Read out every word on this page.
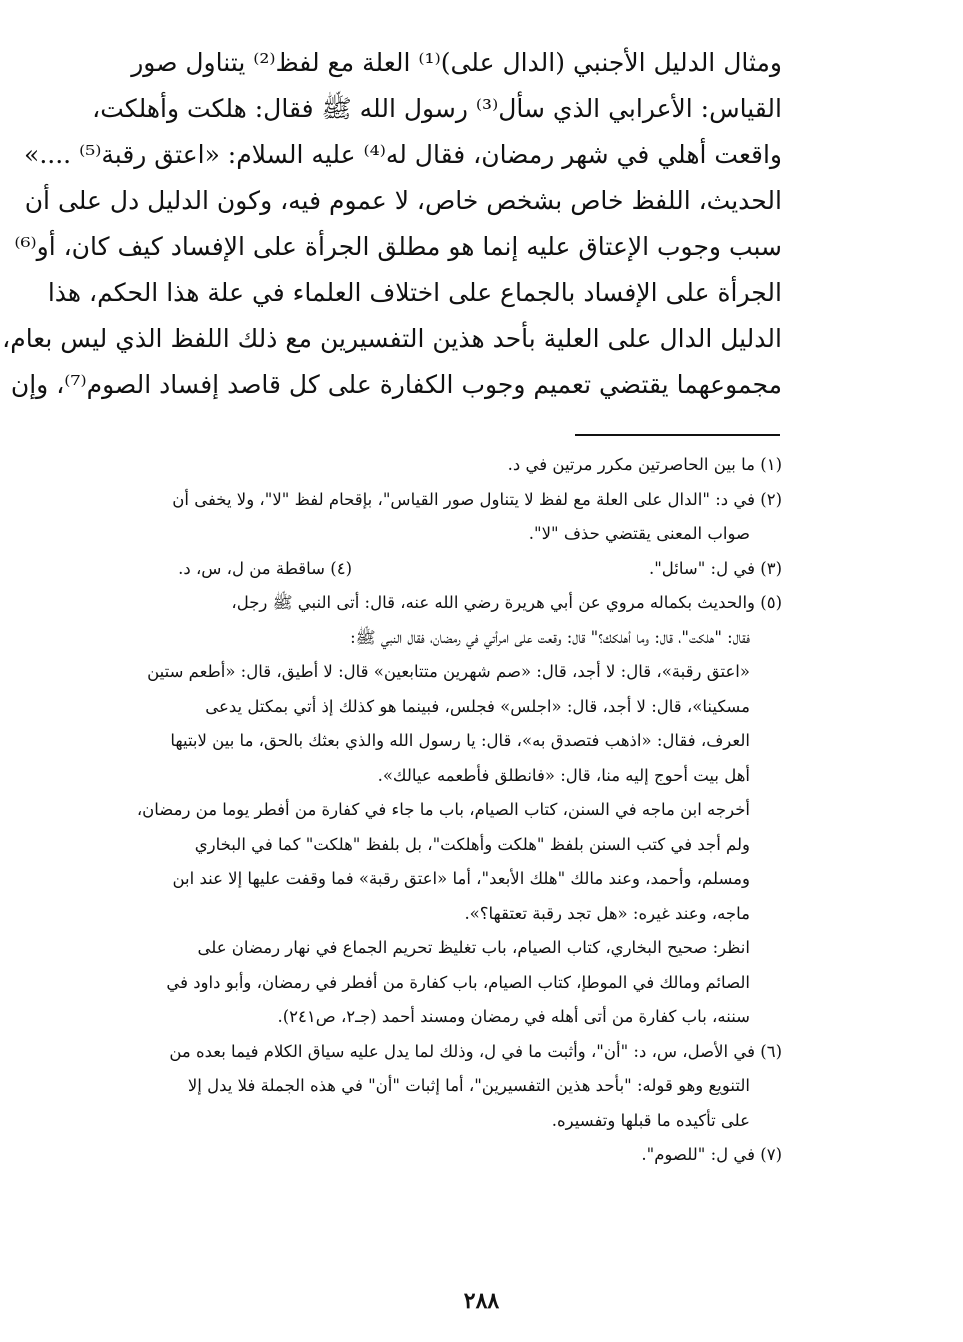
ومثال الدليل الأجنبي (الدال على)⁽¹⁾ العلة مع لفظ⁽²⁾ يتناول صور
القياس: الأعرابي الذي سأل⁽³⁾ رسول الله ﷺ فقال: هلكت وأهلكت،
واقعت أهلي في شهر رمضان، فقال له⁽⁴⁾ عليه السلام: «اعتق رقبة⁽⁵⁾ ....»
الحديث، اللفظ خاص بشخص خاص، لا عموم فيه، وكون الدليل دل على أن
سبب وجوب الإعتاق عليه إنما هو مطلق الجرأة على الإفساد كيف كان، أو⁽⁶⁾
الجرأة على الإفساد بالجماع على اختلاف العلماء في علة هذا الحكم، هذا
الدليل الدال على العلية بأحد هذين التفسيرين مع ذلك اللفظ الذي ليس بعام،
مجموعهما يقتضي تعميم وجوب الكفارة على كل قاصد إفساد الصوم⁽⁷⁾، وإن
(١) ما بين الحاصرتين مكرر مرتين في د.
(٢) في د: "الدال على العلة مع لفظ لا يتناول صور القياس"، بإقحام لفظ "لا"، ولا يخفى أن
صواب المعنى يقتضي حذف "لا".
(٣) في ل: "سائل".
(٤) ساقطة من ل، س، د.
(٥) والحديث بكماله مروي عن أبي هريرة رضي الله عنه، قال: أتى النبي ﷺ رجل،
فقال: "هلكت"، قال: وما أهلكك؟" قال: وقعت على امرأتي في رمضان، فقال النبي ﷺ:
«اعتق رقبة»، قال: لا أجد، قال: «صم شهرين متتابعين» قال: لا أطيق، قال: «أطعم ستين
مسكينا»، قال: لا أجد، قال: «اجلس» فجلس، فبينما هو كذلك إذ أتي بمكتل يدعى
العرف، فقال: «اذهب فتصدق به»، قال: يا رسول الله والذي بعثك بالحق، ما بين لابتيها
أهل بيت أحوج إليه منا، قال: «فانطلق فأطعمه عيالك».
أخرجه ابن ماجه في السنن، كتاب الصيام، باب ما جاء في كفارة من أفطر يوما من رمضان،
ولم أجد في كتب السنن بلفظ "هلكت وأهلكت"، بل بلفظ "هلكت" كما في البخاري
ومسلم، وأحمد، وعند مالك "هلك الأبعد"، أما «اعتق رقبة» فما وقفت عليها إلا عند ابن
ماجه، وعند غيره: «هل تجد رقبة تعتقها؟».
انظر: صحيح البخاري، كتاب الصيام، باب تغليظ تحريم الجماع في نهار رمضان على
الصائم ومالك في الموطإ، كتاب الصيام، باب كفارة من أفطر في رمضان، وأبو داود في
سننه، باب كفارة من أتى أهله في رمضان ومسند أحمد (جـ٢، ص٢٤١).
(٦) في الأصل، س، د: "أن"، وأثبت ما في ل، وذلك لما يدل عليه سياق الكلام فيما بعده من
التنويع وهو قوله: "بأحد هذين التفسيرين"، أما إثبات "أن" في هذه الجملة فلا يدل إلا
على تأكيده ما قبلها وتفسيره.
(٧) في ل: "للصوم".
٢٨٨
